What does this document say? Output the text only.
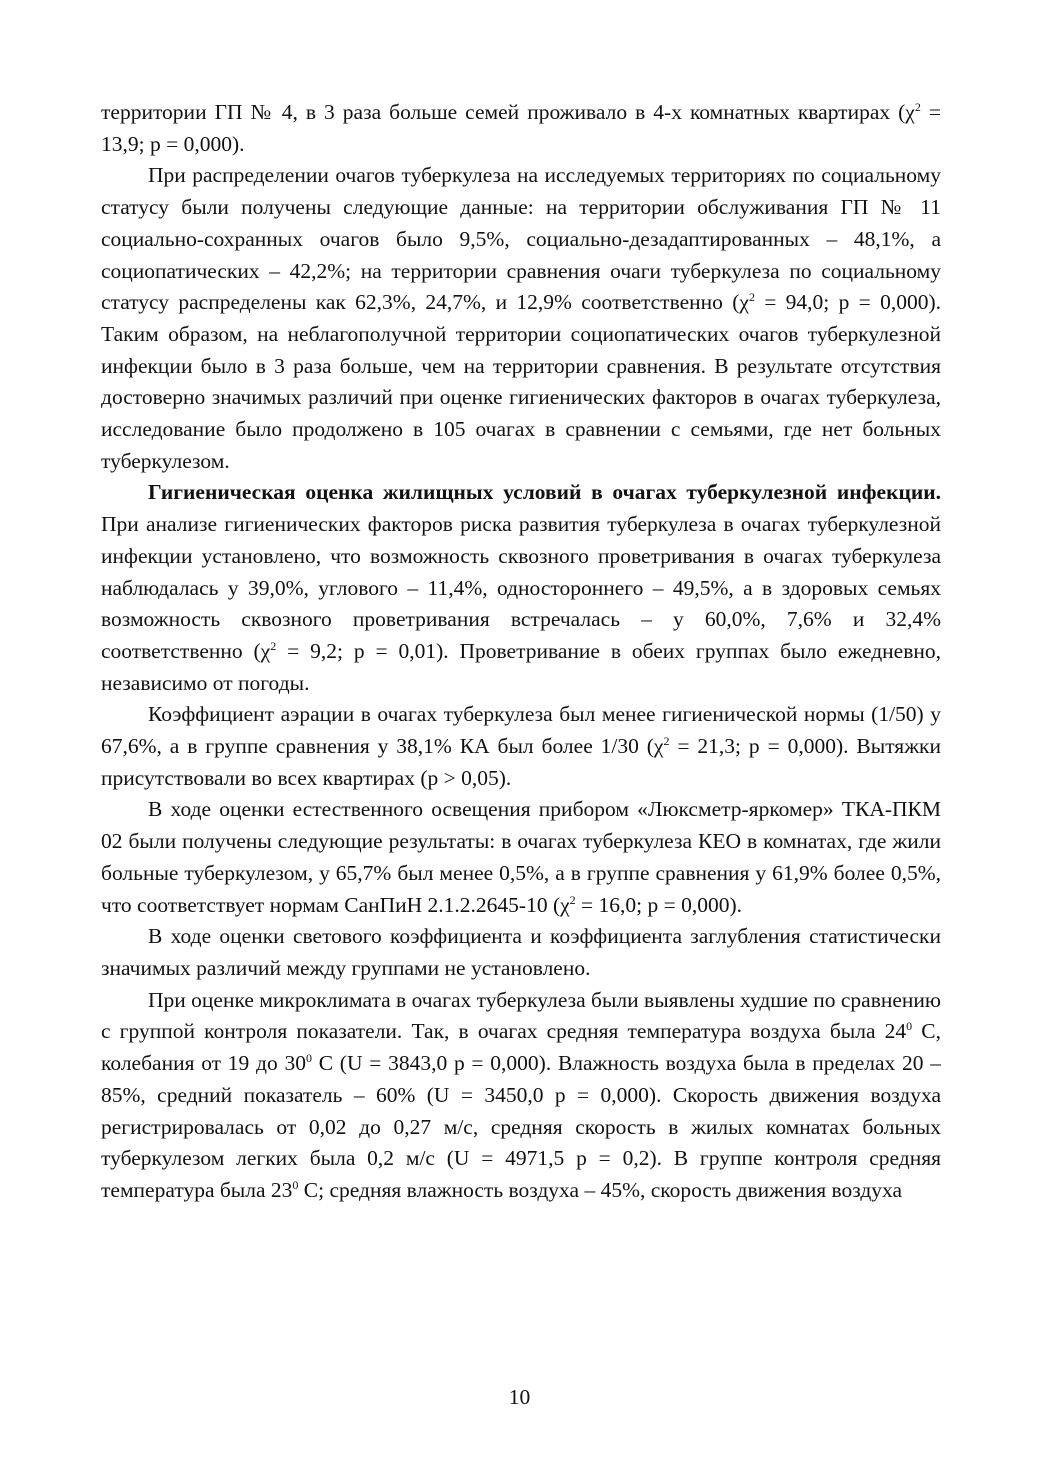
территории ГП № 4, в 3 раза больше семей проживало в 4-х комнатных квартирах ($\chi^2 = 13,9$; р = 0,000).

При распределении очагов туберкулеза на исследуемых территориях по социальному статусу были получены следующие данные: на территории обслуживания ГП № 11 социально-сохранных очагов было 9,5%, социально-дезадаптированных – 48,1%, а социопатических – 42,2%; на территории сравнения очаги туберкулеза по социальному статусу распределены как 62,3%, 24,7%, и 12,9% соответственно ($\chi^2 = 94,0$; р = 0,000). Таким образом, на неблагополучной территории социопатических очагов туберкулезной инфекции было в 3 раза больше, чем на территории сравнения. В результате отсутствия достоверно значимых различий при оценке гигиенических факторов в очагах туберкулеза, исследование было продолжено в 105 очагах в сравнении с семьями, где нет больных туберкулезом.

Гигиеническая оценка жилищных условий в очагах туберкулезной инфекции. При анализе гигиенических факторов риска развития туберкулеза в очагах туберкулезной инфекции установлено, что возможность сквозного проветривания в очагах туберкулеза наблюдалась у 39,0%, углового – 11,4%, одностороннего – 49,5%, а в здоровых семьях возможность сквозного проветривания встречалась – у 60,0%, 7,6% и 32,4% соответственно ($\chi^2 = 9,2$; р = 0,01). Проветривание в обеих группах было ежедневно, независимо от погоды.

Коэффициент аэрации в очагах туберкулеза был менее гигиенической нормы (1/50) у 67,6%, а в группе сравнения у 38,1% КА был более 1/30 ($\chi^2 = 21,3$; р = 0,000). Вытяжки присутствовали во всех квартирах (р > 0,05).

В ходе оценки естественного освещения прибором «Люксметр-яркомер» ТКА-ПКМ 02 были получены следующие результаты: в очагах туберкулеза КЕО в комнатах, где жили больные туберкулезом, у 65,7% был менее 0,5%, а в группе сравнения у 61,9% более 0,5%, что соответствует нормам СанПиН 2.1.2.2645-10 ($\chi^2 = 16,0$; р = 0,000).

В ходе оценки светового коэффициента и коэффициента заглубления статистически значимых различий между группами не установлено.

При оценке микроклимата в очагах туберкулеза были выявлены худшие по сравнению с группой контроля показатели. Так, в очагах средняя температура воздуха была $24^0$ С, колебания от 19 до $30^0$ С (U = 3843,0 р = 0,000). Влажность воздуха была в пределах 20 – 85%, средний показатель – 60% (U = 3450,0 р = 0,000). Скорость движения воздуха регистрировалась от 0,02 до 0,27 м/с, средняя скорость в жилых комнатах больных туберкулезом легких была 0,2 м/с (U = 4971,5 р = 0,2). В группе контроля средняя температура была $23^0$ С; средняя влажность воздуха – 45%, скорость движения воздуха

10
